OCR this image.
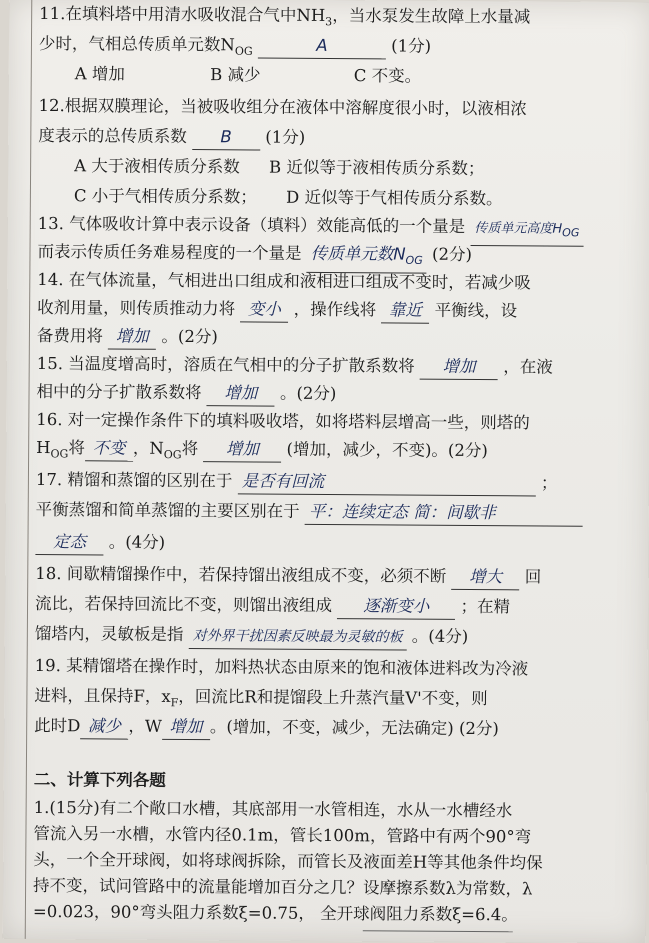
11.在填料塔中用清水吸收混合气中$NH_3$，当水泵发生故障上水量减
少时，气相总传质单元数$N_{OG}$	A	(1分)
A 增加	B 减少	C 不变。
12.根据双膜理论，当被吸收组分在液体中溶解度很小时，以液相浓
度表示的总传质系数 B (1分)
A 大于液相传质分系数 B 近似等于液相传质分系数；
C 小于气相传质分系数； D 近似等于气相传质分系数。
13. 气体吸收计算中表示设备（填料）效能高低的一个量是 传质单元高度$H_{OG}$
而表示传质任务难易程度的一个量是 传质单元数$N_{OG}$ (2分)
14. 在气体流量，气相进出口组成和液相进口组成不变时，若减少吸
收剂用量，则传质推动力将 变小 ，操作线将 靠近 平衡线，设
备费用将 增加 。(2分)
15. 当温度增高时，溶质在气相中的分子扩散系数将 增加 ，在液
相中的分子扩散系数将 增加 。(2分)
16. 对一定操作条件下的填料吸收塔，如将塔料层增高一些，则塔的
$H_{OG}$将 不变 ，$N_{OG}$将 增加 (增加，减少，不变)。(2分)
17. 精馏和蒸馏的区别在于 是否有回流	；
平衡蒸馏和简单蒸馏的主要区别在于 平：连续定态 简：间歇非
定态 。(4分)
18. 间歇精馏操作中，若保持馏出液组成不变，必须不断 增大 回
流比，若保持回流比不变，则馏出液组成 逐渐变小 ；在精
馏塔内，灵敏板是指 对外界干扰因素反映最为灵敏的板 。(4分)
19. 某精馏塔在操作时，加料热状态由原来的饱和液体进料改为冷液
进料，且保持F，$x_F$，回流比R和提馏段上升蒸汽量V'不变，则
此时D 减少 ，W 增加 。(增加，不变，减少，无法确定) (2分)
二、计算下列各题
1.(15分)有二个敞口水槽，其底部用一水管相连，水从一水槽经水
管流入另一水槽，水管内径0.1m，管长100m，管路中有两个90°弯
头，一个全开球阀，如将球阀拆除，而管长及液面差H等其他条件均保
持不变，试问管路中的流量能增加百分之几？设摩擦系数λ为常数，λ
=0.023，90°弯头阻力系数ξ=0.75， 全开球阀阻力系数ξ=6.4。
